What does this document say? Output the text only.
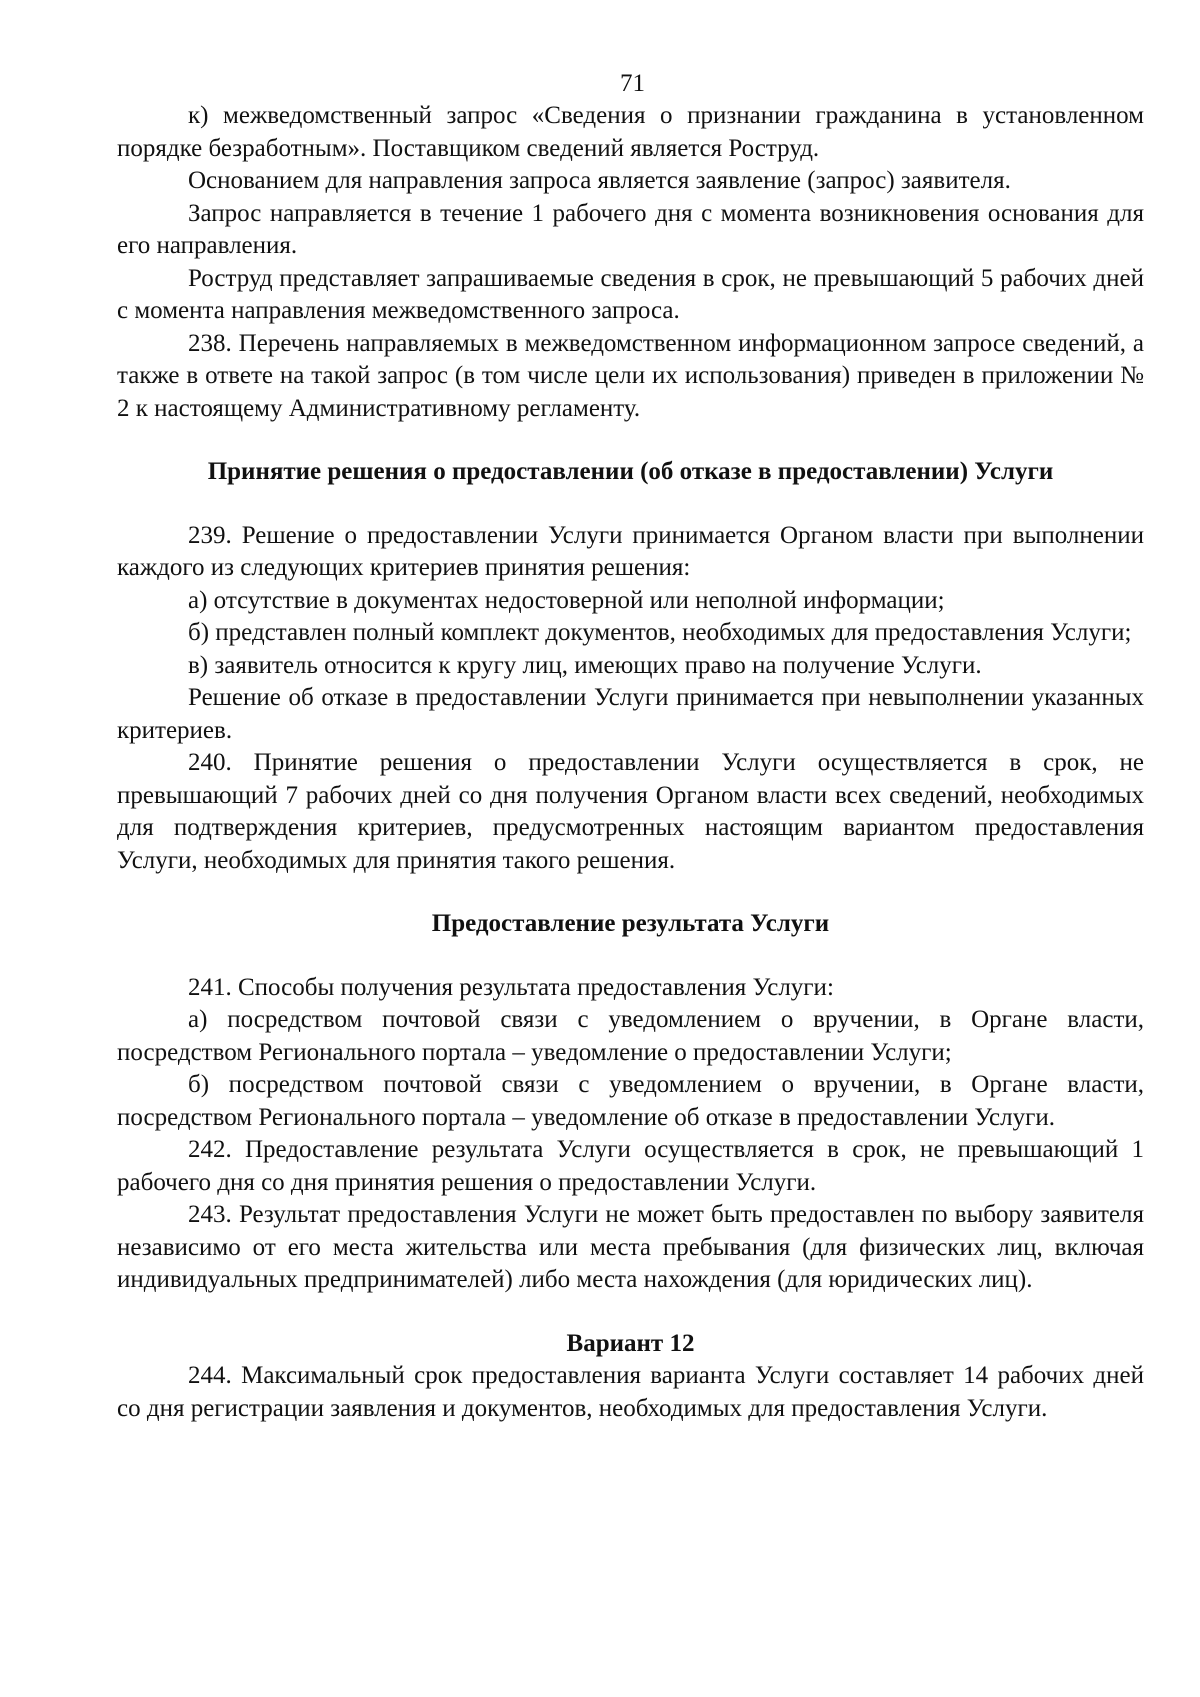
71

к) межведомственный запрос «Сведения о признании гражданина в установленном порядке безработным». Поставщиком сведений является Роструд.

Основанием для направления запроса является заявление (запрос) заявителя.

Запрос направляется в течение 1 рабочего дня с момента возникновения основания для его направления.

Роструд представляет запрашиваемые сведения в срок, не превышающий 5 рабочих дней с момента направления межведомственного запроса.

238. Перечень направляемых в межведомственном информационном запросе сведений, а также в ответе на такой запрос (в том числе цели их использования) приведен в приложении № 2 к настоящему Административному регламенту.

Принятие решения о предоставлении (об отказе в предоставлении) Услуги

239. Решение о предоставлении Услуги принимается Органом власти при выполнении каждого из следующих критериев принятия решения:

а) отсутствие в документах недостоверной или неполной информации;

б) представлен полный комплект документов, необходимых для предоставления Услуги;

в) заявитель относится к кругу лиц, имеющих право на получение Услуги.

Решение об отказе в предоставлении Услуги принимается при невыполнении указанных критериев.

240. Принятие решения о предоставлении Услуги осуществляется в срок, не превышающий 7 рабочих дней со дня получения Органом власти всех сведений, необходимых для подтверждения критериев, предусмотренных настоящим вариантом предоставления Услуги, необходимых для принятия такого решения.

Предоставление результата Услуги

241. Способы получения результата предоставления Услуги:

а) посредством почтовой связи с уведомлением о вручении, в Органе власти, посредством Регионального портала – уведомление о предоставлении Услуги;

б) посредством почтовой связи с уведомлением о вручении, в Органе власти, посредством Регионального портала – уведомление об отказе в предоставлении Услуги.

242. Предоставление результата Услуги осуществляется в срок, не превышающий 1 рабочего дня со дня принятия решения о предоставлении Услуги.

243. Результат предоставления Услуги не может быть предоставлен по выбору заявителя независимо от его места жительства или места пребывания (для физических лиц, включая индивидуальных предпринимателей) либо места нахождения (для юридических лиц).

Вариант 12

244. Максимальный срок предоставления варианта Услуги составляет 14 рабочих дней со дня регистрации заявления и документов, необходимых для предоставления Услуги.
